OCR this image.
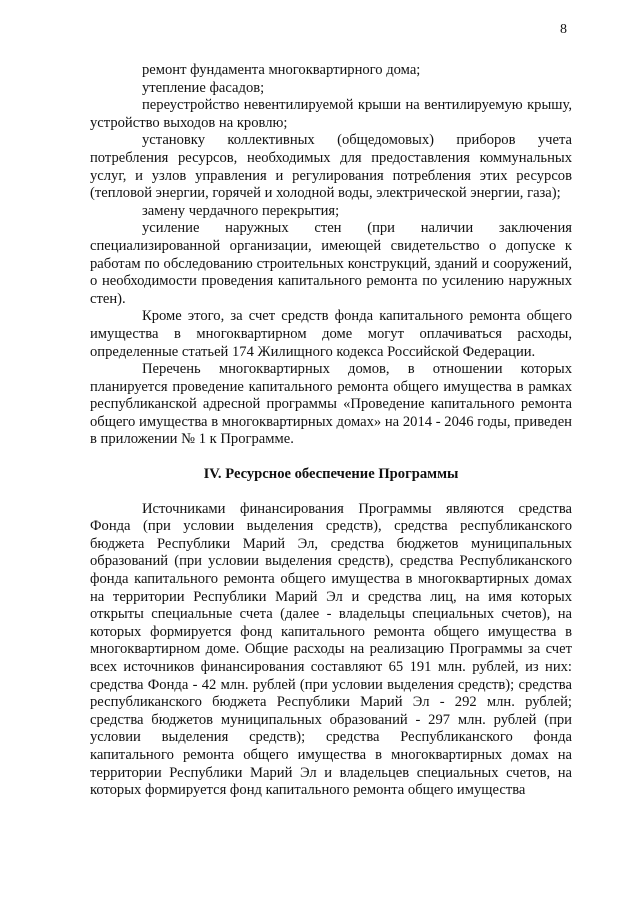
8

ремонт фундамента многоквартирного дома;

утепление фасадов;

переустройство невентилируемой крыши на вентилируемую крышу, устройство выходов на кровлю;

установку коллективных (общедомовых) приборов учета потребления ресурсов, необходимых для предоставления коммунальных услуг, и узлов управления и регулирования потребления этих ресурсов (тепловой энергии, горячей и холодной воды, электрической энергии, газа);

замену чердачного перекрытия;

усиление наружных стен (при наличии заключения специализированной организации, имеющей свидетельство о допуске к работам по обследованию строительных конструкций, зданий и сооружений, о необходимости проведения капитального ремонта по усилению наружных стен).

Кроме этого, за счет средств фонда капитального ремонта общего имущества в многоквартирном доме могут оплачиваться расходы, определенные статьей 174 Жилищного кодекса Российской Федерации.

Перечень многоквартирных домов, в отношении которых планируется проведение капитального ремонта общего имущества в рамках республиканской адресной программы «Проведение капитального ремонта общего имущества в многоквартирных домах» на 2014 - 2046 годы, приведен в приложении № 1 к Программе.

IV. Ресурсное обеспечение Программы

Источниками финансирования Программы являются средства Фонда (при условии выделения средств), средства республиканского бюджета Республики Марий Эл, средства бюджетов муниципальных образований (при условии выделения средств), средства Республиканского фонда капитального ремонта общего имущества в многоквартирных домах на территории Республики Марий Эл и средства лиц, на имя которых открыты специальные счета (далее - владельцы специальных счетов), на которых формируется фонд капитального ремонта общего имущества в многоквартирном доме. Общие расходы на реализацию Программы за счет всех источников финансирования составляют 65 191 млн. рублей, из них: средства Фонда - 42 млн. рублей (при условии выделения средств); средства республиканского бюджета Республики Марий Эл - 292 млн. рублей; средства бюджетов муниципальных образований - 297 млн. рублей (при условии выделения средств); средства Республиканского фонда капитального ремонта общего имущества в многоквартирных домах на территории Республики Марий Эл и владельцев специальных счетов, на которых формируется фонд капитального ремонта общего имущества
